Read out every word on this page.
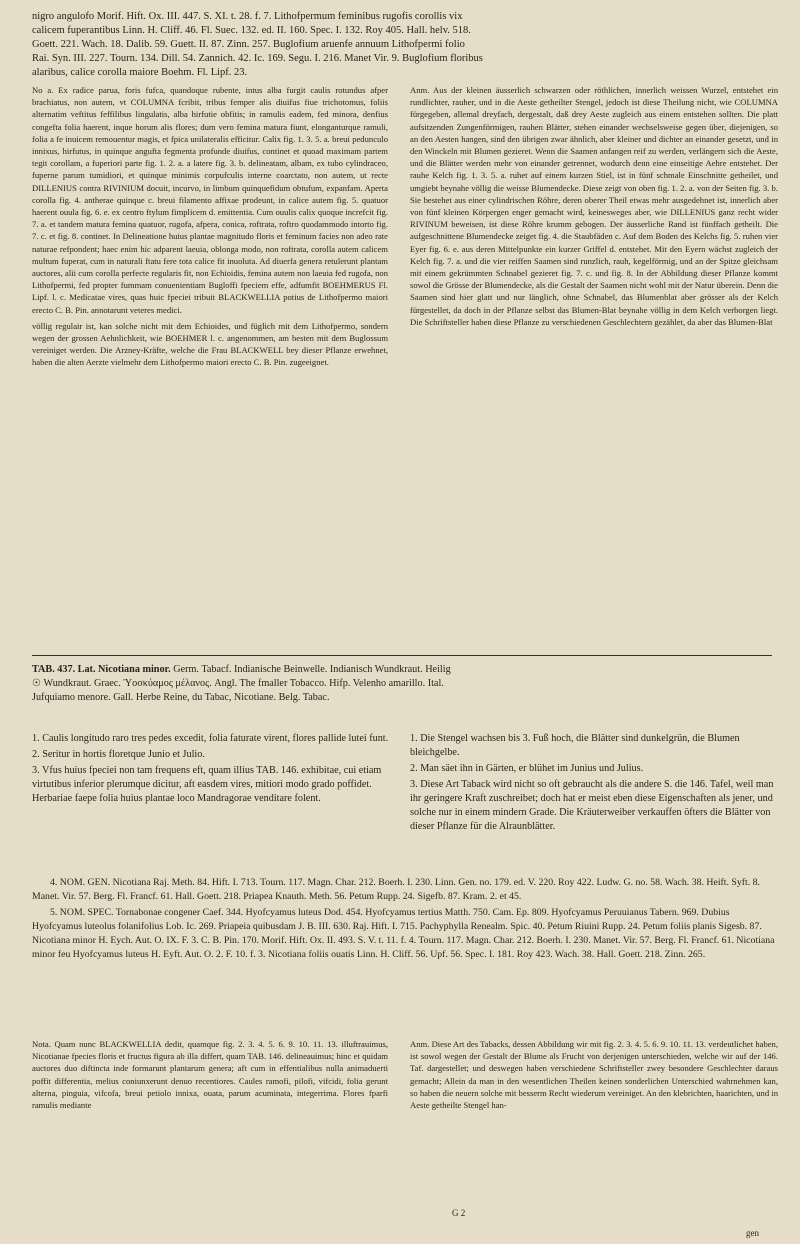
nigro angulofo Morif. Hift. Ox. III. 447. S. XI. t. 28. f. 7. Lithofpermum feminibus rugofis corollis vix

calicem fuperantibus Linn. H. Cliff. 46. Fl. Suec. 132. ed. II. 160. Spec. I. 132. Roy 405. Hall. helv. 518.

Goett. 221. Wach. 18. Dalib. 59. Guett. II. 87. Zinn. 257. Buglofium aruenfe annuum Lithofpermi folio

Rai. Syn. III. 227. Tourn. 134. Dill. 54. Zannich. 42. Ic. 169. Segu. I. 216. Manet Vir. 9. Buglofium floribus

alaribus, calice corolla maiore Boehm. Fl. Lipf. 23.

No a. Ex radice parua, foris fufca, quandoque rubente, intus alba furgit caulis rotundus afper brachiatus, non autem, vt COLUMNA fcribit, tribus femper alis diuifus fiue trichotomus, foliis alternatim veftitus feffilibus lingulatis, alba hirfutie obfitis; in ramulis eadem, fed minora, denfius congefta folia haerent, inque horum alis flores; dum vero femina matura fiunt, elonganturque ramuli, folia a fe inuicem remouentur magis, et fpica unilateralis efficitur. Calix fig. 1. 3. 5. a. breui pedunculo innixus, hirfutus, in quinque angufta fegmenta profunde diuifus, continet et quoad maximam partem tegit corollam, a fuperiori parte fig. 1. 2. a. a latere fig. 3. b. delineatam, albam, ex tubo cylindraceo, fuperne parum tumidiori, et quinque minimis corpufculis interne coarctato, non autem, ut recte DILLENIUS contra RIVINIUM docuit, incurvo, in limbum quinquefidum obtufum, expanfam. Aperta corolla fig. 4. antherae quinque c. breui filamento affixae prodeunt, in calice autem fig. 5. quatuor haerent ouula fig. 6. e. ex centro ftylum fimplicem d. emittentia. Cum ouulis calix quoque increfcit fig. 7. a. et tandem matura femina quatuor, rugofa, afpera, conica, roftrata, roftro quodammodo intorto fig. 7. c. et fig. 8. continet. In Delineatione huius plantae magnitudo floris et feminum facies non adeo rate naturae refpondent; haec enim hic adparent laeuia, oblonga modo, non roftrata, corolla autem calicem multum fuperat, cum in naturali ftatu fere tota calice fit inuoluta. Ad diuerfa genera retulerunt plantam auctores, alii cum corolla perfecte regularis fit, non Echioidis, femina autem non laeuia fed rugofa, non Lithofpermi, fed propter fummam conuenientiam Bugloffi fpeciem effe, adfumfit BOEHMERUS Fl. Lipf. l. c. Medicatae vires, quas huic fpeciei tribuit BLACKWELLIA potius de Lithofpermo maiori erecto C. B. Pin. annotarunt veteres medici.

völlig regulair ist, kan solche nicht mit dem Echioides, und füglich mit dem Lithofpermo, sondern wegen der grossen Aehnlichkeit, wie BOEHMER l. c. angenommen, am besten mit dem Buglossum vereiniget werden. Die Arzney-Kräfte, welche die Frau BLACKWELL bey dieser Pflanze erwehnet, haben die alten Aerzte vielmehr dem Lithofpermo maiori erecto C. B. Pin. zugeeignet.

Anm. Aus der kleinen äusserlich schwarzen oder röthlichen, innerlich weissen Wurzel, entstehet ein rundlichter, rauher, und in die Aeste getheilter Stengel, jedoch ist diese Theilung nicht, wie COLUMNA fürgegeben, allemal dreyfach, dergestalt, daß drey Aeste zugleich aus einem entstehen sollten. Die platt aufsitzenden Zungenförmigen, rauhen Blätter, stehen einander wechselsweise gegen über, diejenigen, so an den Aesten hangen, sind den übrigen zwar ähnlich, aber kleiner und dichter an einander gesetzt, und in den Winckeln mit Blumen gezieret. Wenn die Saamen anfangen reif zu werden, verlängern sich die Aeste, und die Blätter werden mehr von einander getrennet, wodurch denn eine einseitige Aehre entstehet. Der rauhe Kelch fig. 1. 3. 5. a. ruhet auf einem kurzen Stiel, ist in fünf schmale Einschnitte getheilet, und umgiebt beynahe völlig die weisse Blumendecke. Diese zeigt von oben fig. 1. 2. a. von der Seiten fig. 3. b. Sie bestehet aus einer cylindrischen Röhre, deren oberer Theil etwas mehr ausgedehnet ist, innerlich aber von fünf kleinen Körpergen enger gemacht wird, keinesweges aber, wie DILLENIUS ganz recht wider RIVINUM beweisen, ist diese Röhre krumm gebogen. Der äusserliche Rand ist fünffach getheilt. Die aufgeschnittene Blumendecke zeiget fig. 4. die Staubfäden c. Auf dem Boden des Kelchs fig. 5. ruhen vier Eyer fig. 6. e. aus deren Mittelpunkte ein kurzer Griffel d. entstehet. Mit den Eyern wächst zugleich der Kelch fig. 7. a. und die vier reiffen Saamen sind runzlich, rauh, kegelförmig, und an der Spitze gleichsam mit einem gekrümmten Schnabel gezieret fig. 7. c. und fig. 8. In der Abbildung dieser Pflanze kommt sowol die Grösse der Blumendecke, als die Gestalt der Saamen nicht wohl mit der Natur überein. Denn die Saamen sind hier glatt und nur länglich, ohne Schnabel, das Blumenblat aber grösser als der Kelch fürgestellet, da doch in der Pflanze selbst das Blumen-Blat beynahe völlig in dem Kelch verborgen liegt. Die Schriftsteller haben diese Pflanze zu verschiedenen Geschlechtern gezählet, da aber das Blumen-Blat

TAB. 437. Lat. Nicotiana minor. Germ. Tabacf. Indianische Beinwelle. Indianisch Wundkraut. Heilig

☉ Wundkraut. Graec. Ὑοσκύαμος μέλανος. Angl. The fmaller Tobacco. Hifp. Velenho amarillo. Ital.

Jufquiamo menore. Gall. Herbe Reine, du Tabac, Nicotiane. Belg. Tabac.

1. Caulis longitudo raro tres pedes excedit, folia faturate virent, flores pallide lutei funt.

2. Seritur in hortis floretque Junio et Julio.

3. Vfus huius fpeciei non tam frequens eft, quam illius TAB. 146. exhibitae, cui etiam virtutibus inferior plerumque dicitur, aft easdem vires, mitiori modo grado poffidet. Herbariae faepe folia huius plantae loco Mandragorae venditare folent.

1. Die Stengel wachsen bis 3. Fuß hoch, die Blätter sind dunkelgrün, die Blumen bleichgelbe.

2. Man säet ihn in Gärten, er blühet im Junius und Julius.

3. Diese Art Taback wird nicht so oft gebraucht als die andere S. die 146. Tafel, weil man ihr geringere Kraft zuschreibet; doch hat er meist eben diese Eigenschaften als jener, und solche nur in einem mindern Grade. Die Kräuterweiber verkauffen öfters die Blätter von dieser Pflanze für die Alraunblätter.

4. NOM. GEN. Nicotiana Raj. Meth. 84. Hift. I. 713. Tourn. 117. Magn. Char. 212. Boerh. I. 230. Linn. Gen. no. 179. ed. V. 220. Roy 422. Ludw. G. no. 58. Wach. 38. Heift. Syft. 8. Manet. Vir. 57. Berg. Fl. Francf. 61. Hall. Goett. 218. Priapea Knauth. Meth. 56. Petum Rupp. 24. Sigefb. 87. Kram. 2. et 45.

5. NOM. SPEC. Tornabonae congener Caef. 344. Hyofcyamus luteus Dod. 454. Hyofcyamus tertius Matth. 750. Cam. Ep. 809. Hyofcyamus Peruuianus Tabern. 969. Dubius Hyofcyamus luteolus folanifolius Lob. Ic. 269. Priapeia quibusdam J. B. III. 630. Raj. Hift. I. 715. Pachyphylla Renealm. Spic. 40. Petum Riuini Rupp. 24. Petum foliis planis Sigesb. 87. Nicotiana minor H. Eych. Aut. O. IX. F. 3. C. B. Pin. 170. Morif. Hift. Ox. II. 493. S. V. t. 11. f. 4. Tourn. 117. Magn. Char. 212. Boerh. I. 230. Manet. Vir. 57. Berg. Fl. Francf. 61. Nicotiana minor feu Hyofcyamus luteus H. Eyft. Aut. O. 2. F. 10. f. 3. Nicotiana foliis ouatis Linn. H. Cliff. 56. Upf. 56. Spec. I. 181. Roy 423. Wach. 38. Hall. Goett. 218. Zinn. 265.

Nota. Quam nunc BLACKWELLIA dedit, quamque fig. 2. 3. 4. 5. 6. 9. 10. 11. 13. illuftrauimus, Nicotianae fpecies floris et fructus figura ab illa differt, quam TAB. 146. delineauimus; hinc et quidam auctores duo diftincta inde formarunt plantarum genera; aft cum in effentialibus nulla animaduerti poffit differentia, melius coniunxerunt denuo recentiores. Caules ramofi, pilofi, vifcidi, folia gerunt alterna, pinguia, vifcofa, breui petiolo innixa, ouata, parum acuminata, integerrima. Flores fparfi ramulis mediante

Anm. Diese Art des Tabacks, dessen Abbildung wir mit fig. 2. 3. 4. 5. 6. 9. 10. 11. 13. verdeutlichet haben, ist sowol wegen der Gestalt der Blume als Frucht von derjenigen unterschieden, welche wir auf der 146. Taf. dargestellet; und deswegen haben verschiedene Schriftsteller zwey besondere Geschlechter daraus gemacht; Allein da man in den wesentlichen Theilen keinen sonderlichen Unterschied wahrnehmen kan, so haben die neuern solche mit besserm Recht wiederum vereiniget. An den klebrichten, haarichten, und in Aeste getheilte Stengel han-

G 2
gen
